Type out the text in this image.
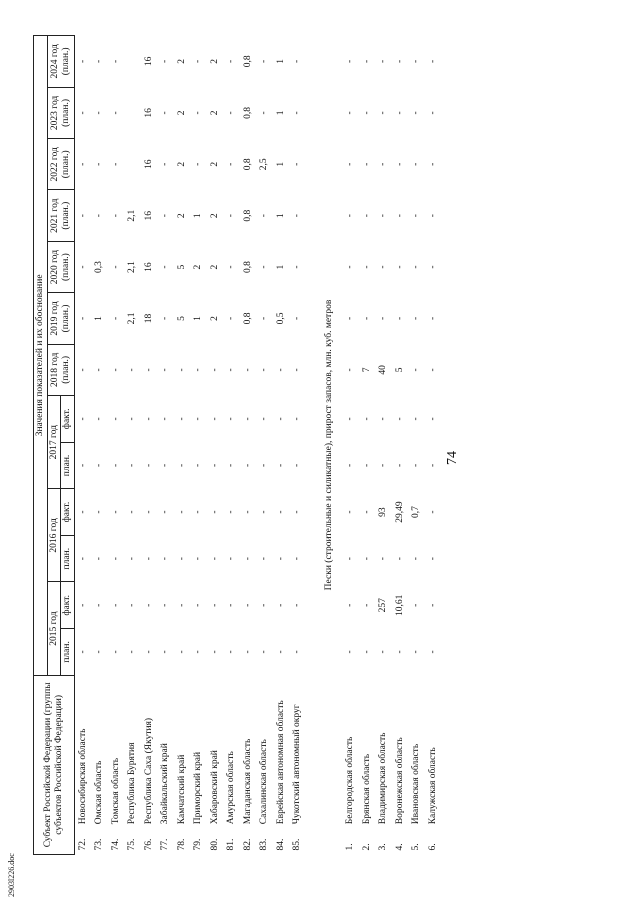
74
2903l226.doc
Субъект Российской Федерации (группы субъектов Российской Федерации)		Значения показателей и их обоснование												
		2015 год		2016 год		2017 год		2018 год (план.)	2019 год (план.)	2020 год (план.)	2021 год (план.)	2022 год (план.)	2023 год (план.)	2024 год (план.)
		план.	факт.	план.	факт.	план.	факт.							
72.	Новосибирская область	-	-	-	-	-	-	-	-	-	-	-	-	-
73.	Омская область	-	-	-	-	-	-	-	1	0,3	-	-	-	-
74.	Томская область	-	-	-	-	-	-	-	-	-	-	-	-	-
75.	Республика Бурятия	-	-	-	-	-	-	-	2,1	2,1	2,1			
76.	Республика Саха (Якутия)	-	-	-	-	-	-	-	18	16	16	16	16	16
77.	Забайкальский край	-	-	-	-	-	-	-	-	-	-	-	-	-
78.	Камчатский край	-	-	-	-	-	-	-	5	5	2	2	2	2
79.	Приморский край	-	-	-	-	-	-	-	1	2	1	-	-	-
80.	Хабаровский край	-	-	-	-	-	-	-	2	2	2	2	2	2
81.	Амурская область	-	-	-	-	-	-	-	-	-	-	-	-	-
82.	Магаданская область	-	-	-	-	-	-	-	0,8	0,8	0,8	0,8	0,8	0,8
83.	Сахалинская область	-	-	-	-	-	-	-	-	-	-	2,5	-	-
84.	Еврейская автономная область	-	-	-	-	-	-	-	0,5	1	1	1	1	1
85.	Чукотский автономный округ	-	-	-	-	-	-	-	-	-	-	-	-	-
Пески (строительные и силикатные), прирост запасов, млн. куб. метров														
1.	Белгородская область	-	-	-	-	-	-	-	-	-	-	-	-	-
2.	Брянская область	-	-	-	-	-	-	7	-	-	-	-	-	-
3.	Владимирская область	-	257	-	93	-	-	40	-	-	-	-	-	-
4.	Воронежская область	-	10,61	-	29,49	-	-	5	-	-	-	-	-	-
5.	Ивановская область	-	-	-	0,7	-	-	-	-	-	-	-	-	-
6.	Калужская область	-	-	-	-	-	-	-	-	-	-	-	-	-
